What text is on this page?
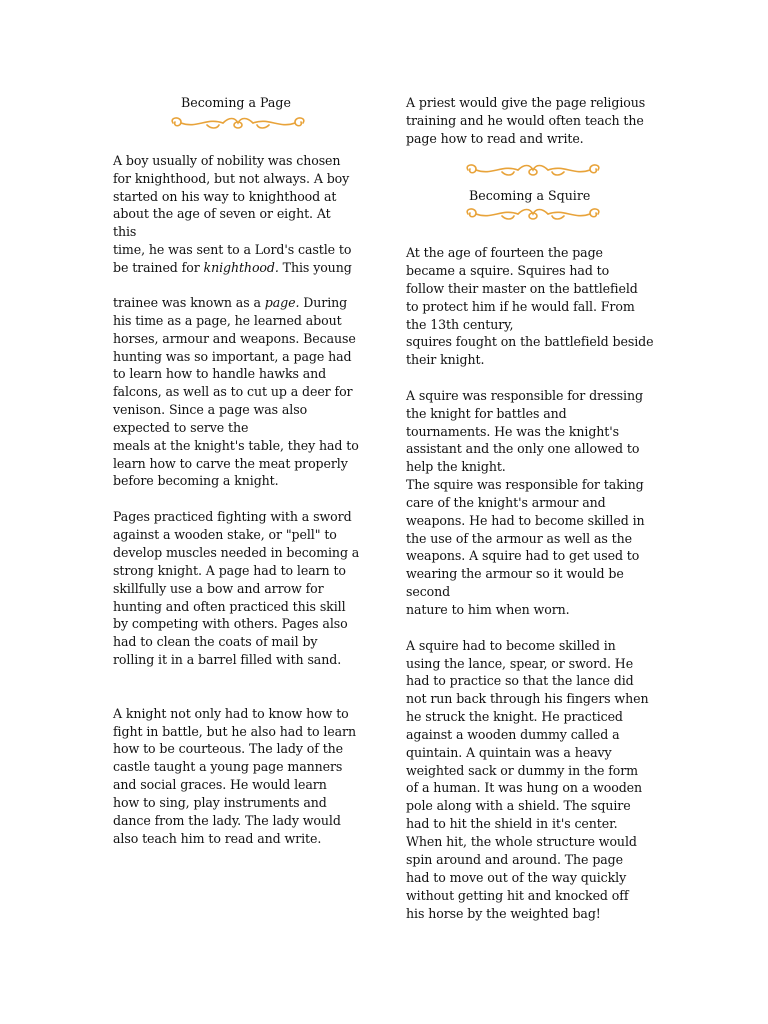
Becoming a Page
A boy usually of nobility was chosen
for knighthood, but not always. A boy
started on his way to knighthood at
about the age of seven or eight. At
this
time, he was sent to a Lord's castle to
be trained for knighthood. This young
trainee was known as a page. During
his time as a page, he learned about
horses, armour and weapons. Because
hunting was so important, a page had
to learn how to handle hawks and
falcons, as well as to cut up a deer for
venison. Since a page was also
expected to serve the
meals at the knight's table, they had to
learn how to carve the meat properly
before becoming a knight.
Pages practiced fighting with a sword
against a wooden stake, or "pell" to
develop muscles needed in becoming a
strong knight. A page had to learn to
skillfully use a bow and arrow for
hunting and often practiced this skill
by competing with others. Pages also
had to clean the coats of mail by
rolling it in a barrel filled with sand.
A knight not only had to know how to
fight in battle, but he also had to learn
how to be courteous. The lady of the
castle taught a young page manners
and social graces. He would learn
how to sing, play instruments and
dance from the lady. The lady would
also teach him to read and write.
A priest would give the page religious
training and he would often teach the
page how to read and write.
Becoming a Squire
At the age of fourteen the page
became a squire. Squires had to
follow their master on the battlefield
to protect him if he would fall. From
the 13th century,
squires fought on the battlefield beside
their knight.
A squire was responsible for dressing
the knight for battles and
tournaments. He was the knight's
assistant and the only one allowed to
help the knight.
The squire was responsible for taking
care of the knight's armour and
weapons. He had to become skilled in
the use of the armour as well as the
weapons. A squire had to get used to
wearing the armour so it would be
second
nature to him when worn.
A squire had to become skilled in
using the lance, spear, or sword. He
had to practice so that the lance did
not run back through his fingers when
he struck the knight. He practiced
against a wooden dummy called a
quintain. A quintain was a heavy
weighted sack or dummy in the form
of a human. It was hung on a wooden
pole along with a shield. The squire
had to hit the shield in it's center.
When hit, the whole structure would
spin around and around. The page
had to move out of the way quickly
without getting hit and knocked off
his horse by the weighted bag!
